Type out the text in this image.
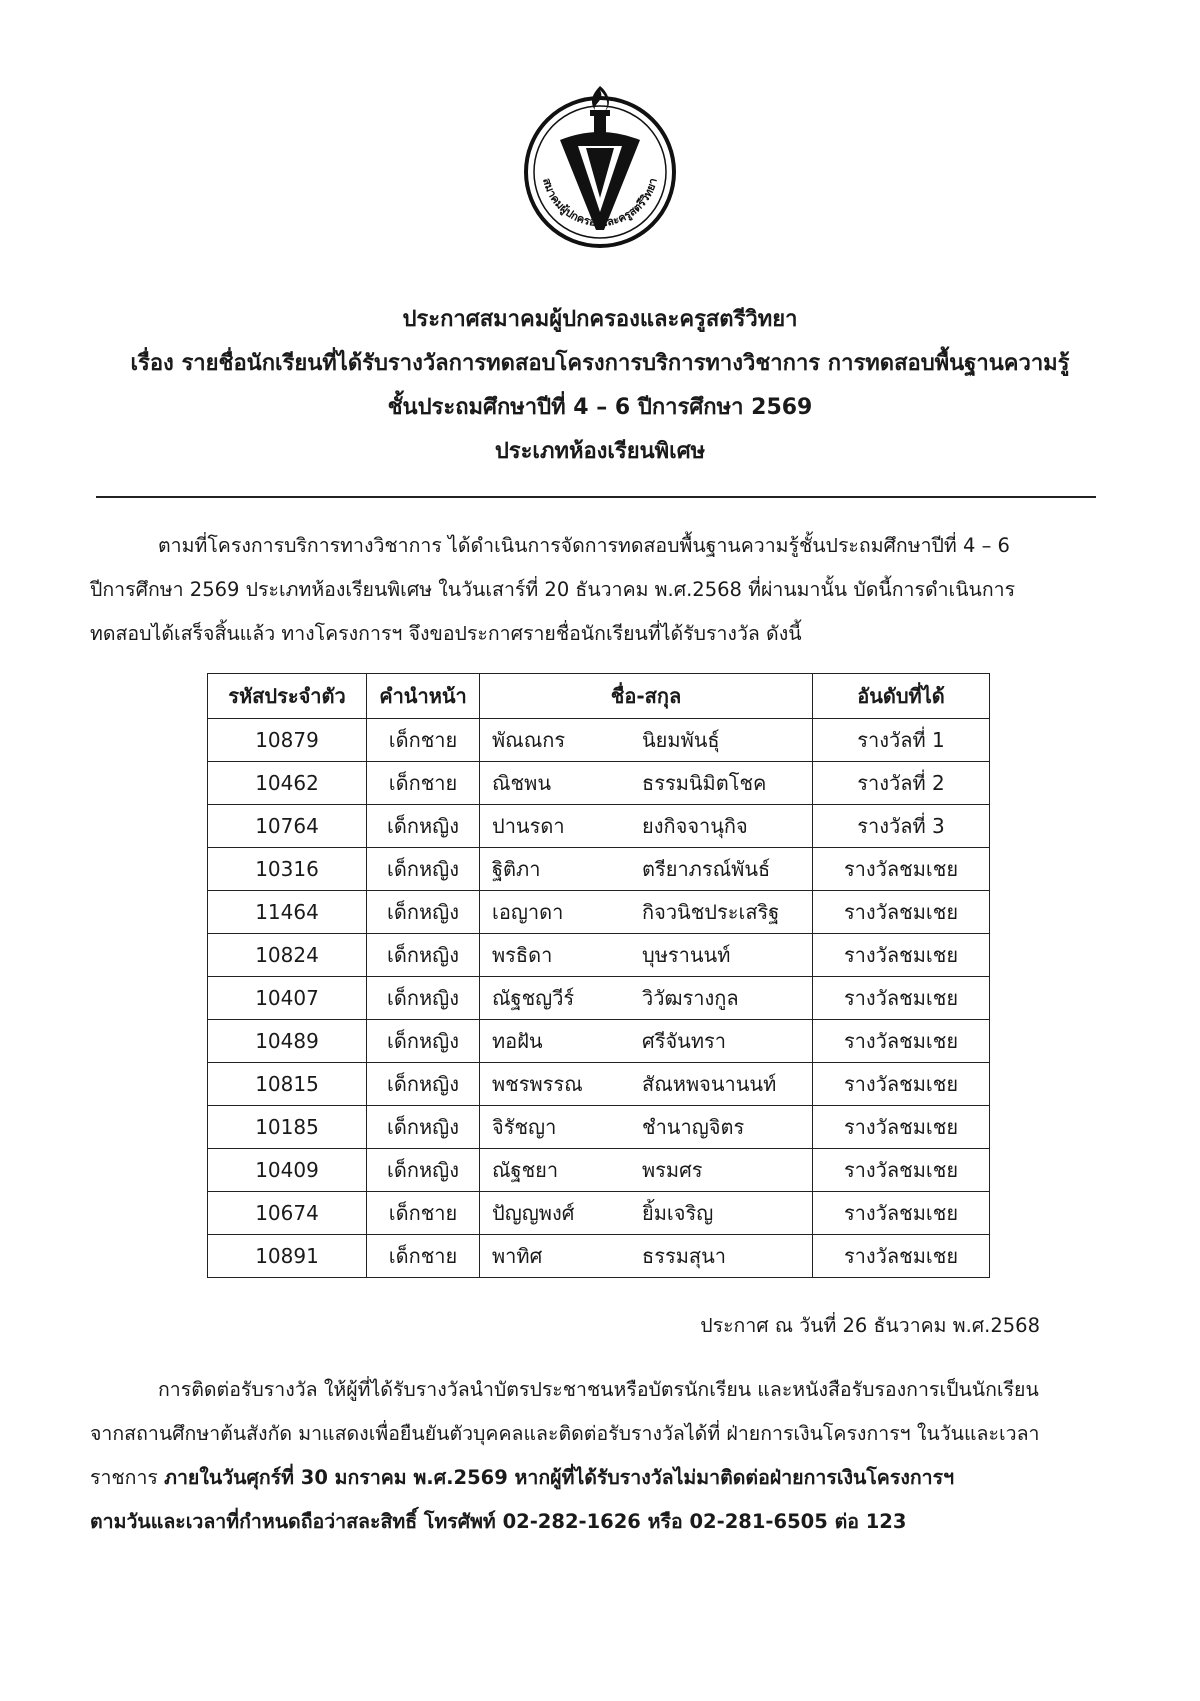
สมาคมผู้ปกครองและครูสตรีวิทยา
ประกาศสมาคมผู้ปกครองและครูสตรีวิทยา
เรื่อง รายชื่อนักเรียนที่ได้รับรางวัลการทดสอบโครงการบริการทางวิชาการ การทดสอบพื้นฐานความรู้
ชั้นประถมศึกษาปีที่ 4 – 6 ปีการศึกษา 2569
ประเภทห้องเรียนพิเศษ
ตามที่โครงการบริการทางวิชาการ ได้ดำเนินการจัดการทดสอบพื้นฐานความรู้ชั้นประถมศึกษาปีที่ 4 – 6
ปีการศึกษา 2569 ประเภทห้องเรียนพิเศษ ในวันเสาร์ที่ 20 ธันวาคม พ.ศ.2568 ที่ผ่านมานั้น บัดนี้การดำเนินการ
ทดสอบได้เสร็จสิ้นแล้ว ทางโครงการฯ จึงขอประกาศรายชื่อนักเรียนที่ได้รับรางวัล ดังนี้
รหัสประจำตัว	คำนำหน้า	ชื่อ-สกุล	อันดับที่ได้
10879	เด็กชาย	พัณณกร นิยมพันธุ์	รางวัลที่ 1
10462	เด็กชาย	ณิชพน ธรรมนิมิตโชค	รางวัลที่ 2
10764	เด็กหญิง	ปานรดา ยงกิจจานุกิจ	รางวัลที่ 3
10316	เด็กหญิง	ฐิติภา ตรียาภรณ์พันธ์	รางวัลชมเชย
11464	เด็กหญิง	เอญาดา กิจวนิชประเสริฐ	รางวัลชมเชย
10824	เด็กหญิง	พรธิดา บุษรานนท์	รางวัลชมเชย
10407	เด็กหญิง	ณัฐชญวีร์ วิวัฒรางกูล	รางวัลชมเชย
10489	เด็กหญิง	ทอฝัน ศรีจันทรา	รางวัลชมเชย
10815	เด็กหญิง	พชรพรรณ สัณหพจนานนท์	รางวัลชมเชย
10185	เด็กหญิง	จิรัชญา ชำนาญจิตร	รางวัลชมเชย
10409	เด็กหญิง	ณัฐชยา พรมศร	รางวัลชมเชย
10674	เด็กชาย	ปัญญพงศ์ ยิ้มเจริญ	รางวัลชมเชย
10891	เด็กชาย	พาทิศ ธรรมสุนา	รางวัลชมเชย
ประกาศ ณ วันที่ 26 ธันวาคม พ.ศ.2568
การติดต่อรับรางวัล ให้ผู้ที่ได้รับรางวัลนำบัตรประชาชนหรือบัตรนักเรียน และหนังสือรับรองการเป็นนักเรียน
จากสถานศึกษาต้นสังกัด มาแสดงเพื่อยืนยันตัวบุคคลและติดต่อรับรางวัลได้ที่ ฝ่ายการเงินโครงการฯ ในวันและเวลา
ราชการ ภายในวันศุกร์ที่ 30 มกราคม พ.ศ.2569 หากผู้ที่ได้รับรางวัลไม่มาติดต่อฝ่ายการเงินโครงการฯ
ตามวันและเวลาที่กำหนดถือว่าสละสิทธิ์ โทรศัพท์ 02-282-1626 หรือ 02-281-6505 ต่อ 123
